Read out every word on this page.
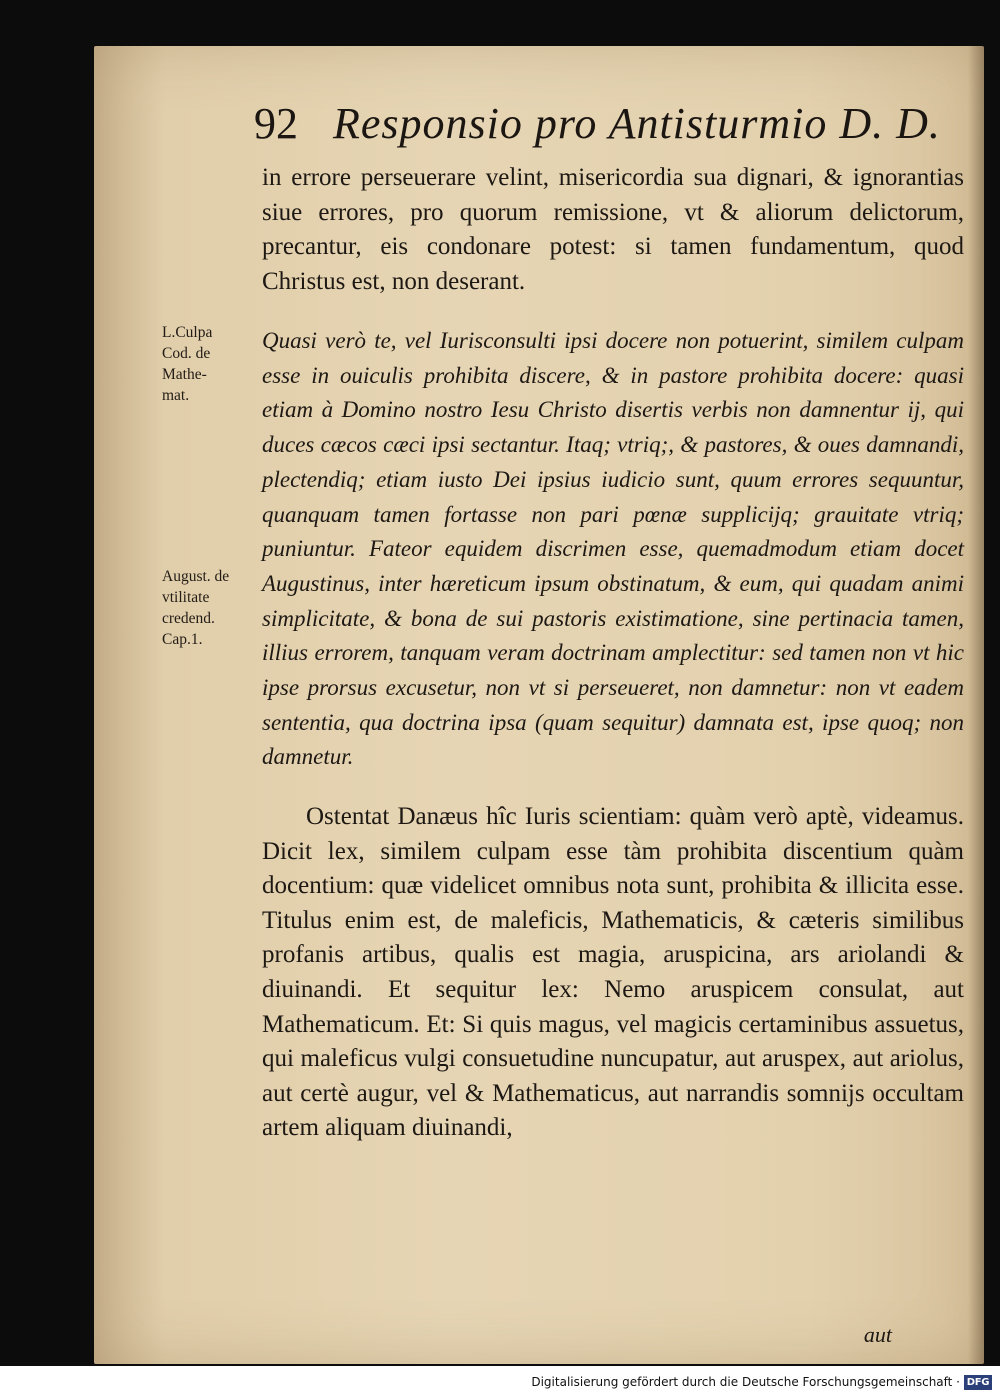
92 Responsio pro Antisturmio D. D.

L.Culpa
Cod. de
Mathe-
mat.

August. de
vtilitate
credend.
Cap.1.

in errore perseuerare velint, misericordia sua dignari, & ignorantias siue errores, pro quorum remissione, vt & aliorum delictorum, precantur, eis condonare potest: si tamen fundamentum, quod Christus est, non deserant.

Quasi verò te, vel Iurisconsulti ipsi docere non potuerint, similem culpam esse in ouiculis prohibita discere, & in pastore prohibita docere: quasi etiam à Domino nostro Iesu Christo disertis verbis non damnentur ij, qui duces cæcos cæci ipsi sectantur. Itaq; vtriq;, & pastores, & oues damnandi, plectendiq; etiam iusto Dei ipsius iudicio sunt, quum errores sequuntur, quanquam tamen fortasse non pari pœnæ supplicijq; grauitate vtriq; puniuntur. Fateor equidem discrimen esse, quemadmodum etiam docet Augustinus, inter hæreticum ipsum obstinatum, & eum, qui quadam animi simplicitate, & bona de sui pastoris existimatione, sine pertinacia tamen, illius errorem, tanquam veram doctrinam amplectitur: sed tamen non vt hic ipse prorsus excusetur, non vt si perseueret, non damnetur: non vt eadem sententia, qua doctrina ipsa (quam sequitur) damnata est, ipse quoq; non damnetur.

Ostentat Danæus hîc Iuris scientiam: quàm verò aptè, videamus. Dicit lex, similem culpam esse tàm prohibita discentium quàm docentium: quæ videlicet omnibus nota sunt, prohibita & illicita esse. Titulus enim est, de maleficis, Mathematicis, & cæteris similibus profanis artibus, qualis est magia, aruspicina, ars ariolandi & diuinandi. Et sequitur lex: Nemo aruspicem consulat, aut Mathematicum. Et: Si quis magus, vel magicis certaminibus assuetus, qui maleficus vulgi consuetudine nuncupatur, aut aruspex, aut ariolus, aut certè augur, vel & Mathematicus, aut narrandis somnijs occultam artem aliquam diuinandi,

aut
Digitalisierung gefördert durch die Deutsche Forschungsgemeinschaft · DFG
